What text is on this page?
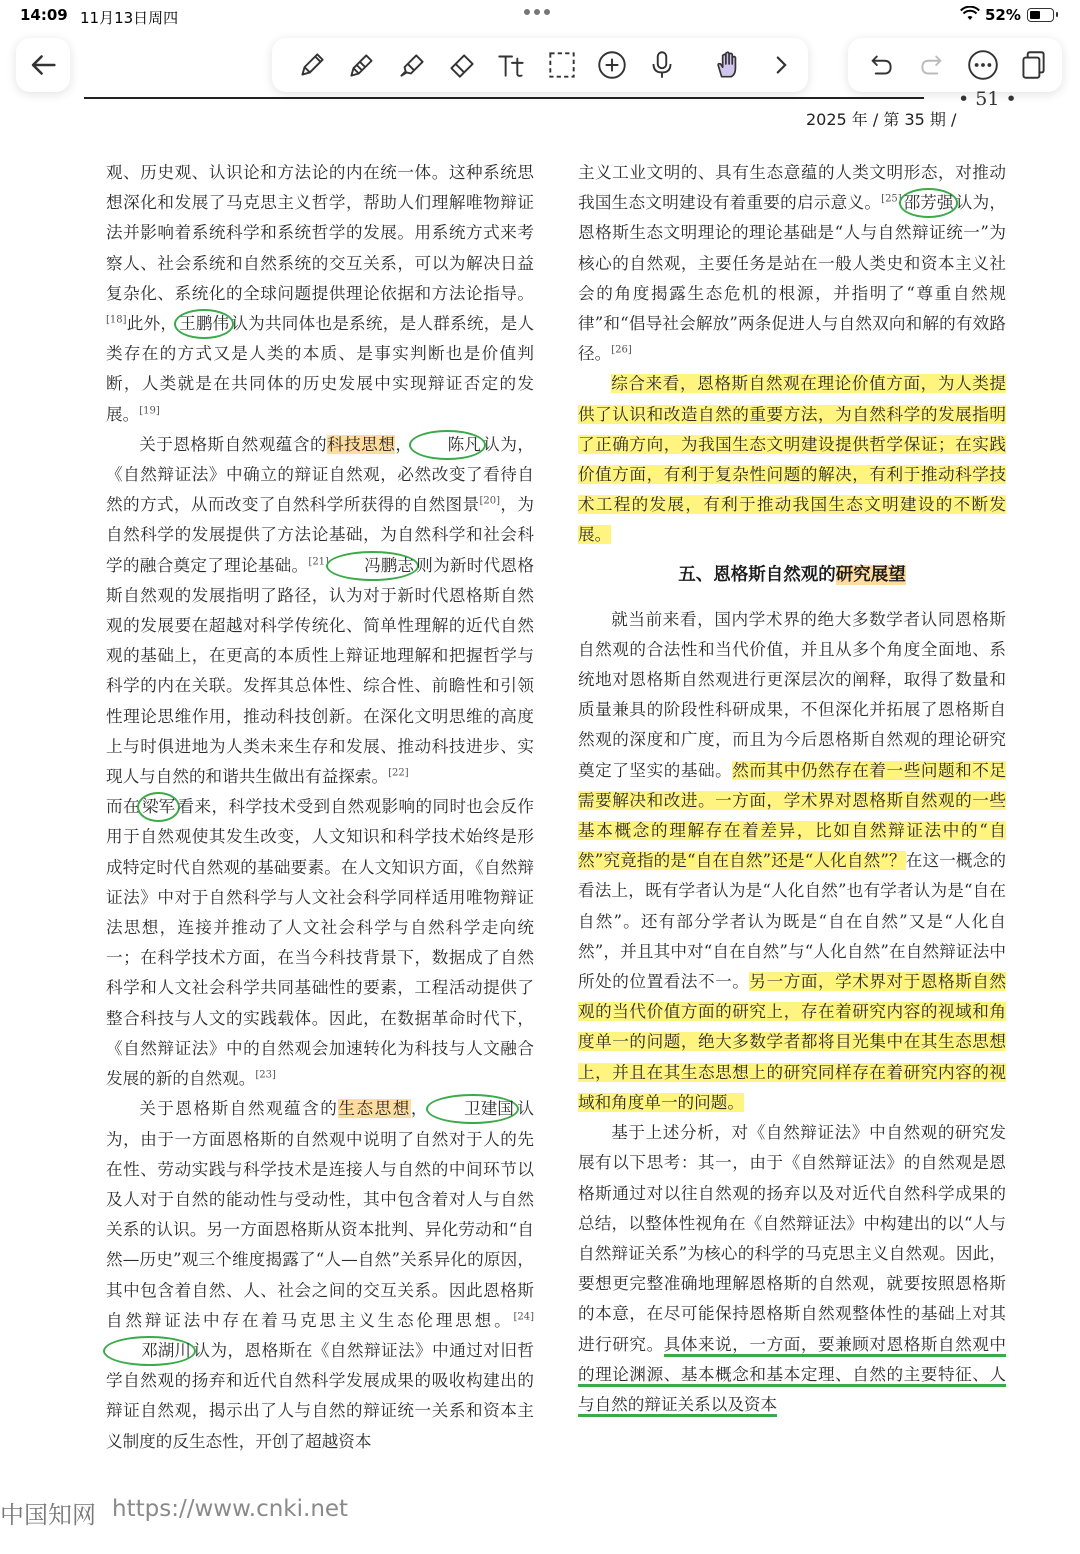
14:09 11月13日周四	52%
• 51 •
2025 年 / 第 35 期 /

观、历史观、认识论和方法论的内在统一体。这种系统思想深化和发展了马克思主义哲学，帮助人们理解唯物辩证法并影响着系统科学和系统哲学的发展。用系统方式来考察人、社会系统和自然系统的交互关系，可以为解决日益复杂化、系统化的全球问题提供理论依据和方法论指导。[18]此外， 王鹏伟 认为共同体也是系统，是人群系统，是人类存在的方式又是人类的本质、是事实判断也是价值判断，人类就是在共同体的历史发展中实现辩证否定的发展。[19]

关于恩格斯自然观蕴含的科技思想， 陈凡 认为，《自然辩证法》中确立的辩证自然观，必然改变了看待自然的方式，从而改变了自然科学所获得的自然图景[20]，为自然科学的发展提供了方法论基础，为自然科学和社会科学的融合奠定了理论基础。[21] 冯鹏志 则为新时代恩格斯自然观的发展指明了路径，认为对于新时代恩格斯自然观的发展要在超越对科学传统化、简单性理解的近代自然观的基础上，在更高的本质性上辩证地理解和把握哲学与科学的内在关联。发挥其总体性、综合性、前瞻性和引领性理论思维作用，推动科技创新。在深化文明思维的高度上与时俱进地为人类未来生存和发展、推动科技进步、实现人与自然的和谐共生做出有益探索。[22]

而在 梁军 看来，科学技术受到自然观影响的同时也会反作用于自然观使其发生改变，人文知识和科学技术始终是形成特定时代自然观的基础要素。在人文知识方面，《自然辩证法》中对于自然科学与人文社会科学同样适用唯物辩证法思想，连接并推动了人文社会科学与自然科学走向统一；在科学技术方面，在当今科技背景下，数据成了自然科学和人文社会科学共同基础性的要素，工程活动提供了整合科技与人文的实践载体。因此，在数据革命时代下，《自然辩证法》中的自然观会加速转化为科技与人文融合发展的新的自然观。[23]

关于恩格斯自然观蕴含的生态思想， 卫建国 认为，由于一方面恩格斯的自然观中说明了自然对于人的先在性、劳动实践与科学技术是连接人与自然的中间环节以及人对于自然的能动性与受动性，其中包含着对人与自然关系的认识。另一方面恩格斯从资本批判、异化劳动和“自然—历史”观三个维度揭露了“人—自然”关系异化的原因，其中包含着自然、人、社会之间的交互关系。因此恩格斯自然辩证法中存在着马克思主义生态伦理思想。[24]邓湖川 认为，恩格斯在《自然辩证法》中通过对旧哲学自然观的扬弃和近代自然科学发展成果的吸收构建出的辩证自然观，揭示出了人与自然的辩证统一关系和资本主义制度的反生态性，开创了超越资本

主义工业文明的、具有生态意蕴的人类文明形态，对推动我国生态文明建设有着重要的启示意义。[25] 邵芳强 认为，恩格斯生态文明理论的理论基础是“人与自然辩证统一”为核心的自然观，主要任务是站在一般人类史和资本主义社会的角度揭露生态危机的根源，并指明了“尊重自然规律”和“倡导社会解放”两条促进人与自然双向和解的有效路径。[26]

综合来看，恩格斯自然观在理论价值方面，为人类提供了认识和改造自然的重要方法，为自然科学的发展指明了正确方向，为我国生态文明建设提供哲学保证；在实践价值方面，有利于复杂性问题的解决，有利于推动科学技术工程的发展，有利于推动我国生态文明建设的不断发展。

五、恩格斯自然观的研究展望

就当前来看，国内学术界的绝大多数学者认同恩格斯自然观的合法性和当代价值，并且从多个角度全面地、系统地对恩格斯自然观进行更深层次的阐释，取得了数量和质量兼具的阶段性科研成果，不但深化并拓展了恩格斯自然观的深度和广度，而且为今后恩格斯自然观的理论研究奠定了坚实的基础。然而其中仍然存在着一些问题和不足需要解决和改进。一方面，学术界对恩格斯自然观的一些基本概念的理解存在着差异，比如自然辩证法中的“自然”究竟指的是“自在自然”还是“人化自然”？在这一概念的看法上，既有学者认为是“人化自然”也有学者认为是“自在自然”。还有部分学者认为既是“自在自然”又是“人化自然”，并且其中对“自在自然”与“人化自然”在自然辩证法中所处的位置看法不一。另一方面，学术界对于恩格斯自然观的当代价值方面的研究上，存在着研究内容的视域和角度单一的问题，绝大多数学者都将目光集中在其生态思想上，并且在其生态思想上的研究同样存在着研究内容的视域和角度单一的问题。

基于上述分析，对《自然辩证法》中自然观的研究发展有以下思考：其一，由于《自然辩证法》的自然观是恩格斯通过对以往自然观的扬弃以及对近代自然科学成果的总结，以整体性视角在《自然辩证法》中构建出的以“人与自然辩证关系”为核心的科学的马克思主义自然观。因此，要想更完整准确地理解恩格斯的自然观，就要按照恩格斯的本意，在尽可能保持恩格斯自然观整体性的基础上对其进行研究。具体来说，一方面，要兼顾对恩格斯自然观中的理论渊源、基本概念和基本定理、自然的主要特征、人与自然的辩证关系以及资本

中国知网 https://www.cnki.net
